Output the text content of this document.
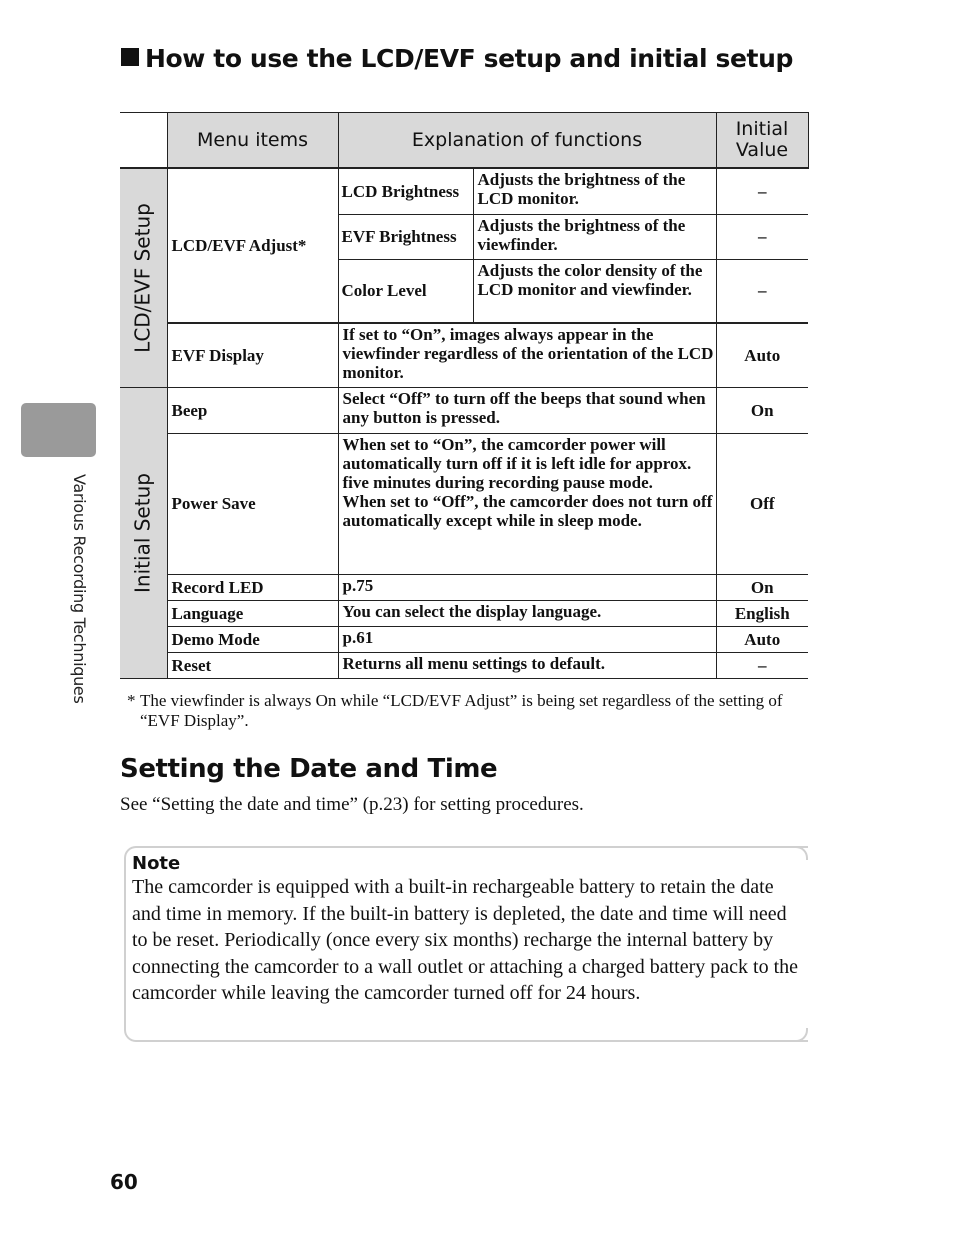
How to use the LCD/EVF setup and initial setup
Various Recording Techniques
	Menu items	Explanation of functions		Initial
Value

LCD/EVF Setup	LCD/EVF Adjust*	LCD Brightness	Adjusts the brightness of the LCD monitor.	–
		EVF Brightness	Adjusts the brightness of the viewfinder.	–
		Color Level	Adjusts the color density of the LCD monitor and viewfinder.	–
	EVF Display	If set to “On”, images always appear in the viewfinder regardless of the orientation of the LCD monitor.		Auto

Initial Setup	Beep	Select “Off” to turn off the beeps that sound when any button is pressed.		On
	Power Save	When set to “On”, the camcorder power will automatically turn off if it is left idle for approx. five minutes during recording pause mode.
When set to “Off”, the camcorder does not turn off automatically except while in sleep mode.		Off
	Record LED	p.75		On
	Language	You can select the display language.		English
	Demo Mode	p.61		Auto
	Reset	Returns all menu settings to default.		–
* The viewfinder is always On while “LCD/EVF Adjust” is being set regardless of the setting of “EVF Display”.
Setting the Date and Time
See “Setting the date and time” (p.23) for setting procedures.
Note
The camcorder is equipped with a built-in rechargeable battery to retain the date and time in memory. If the built-in battery is depleted, the date and time will need to be reset. Periodically (once every six months) recharge the internal battery by connecting the camcorder to a wall outlet or attaching a charged battery pack to the camcorder while leaving the camcorder turned off for 24 hours.
60
